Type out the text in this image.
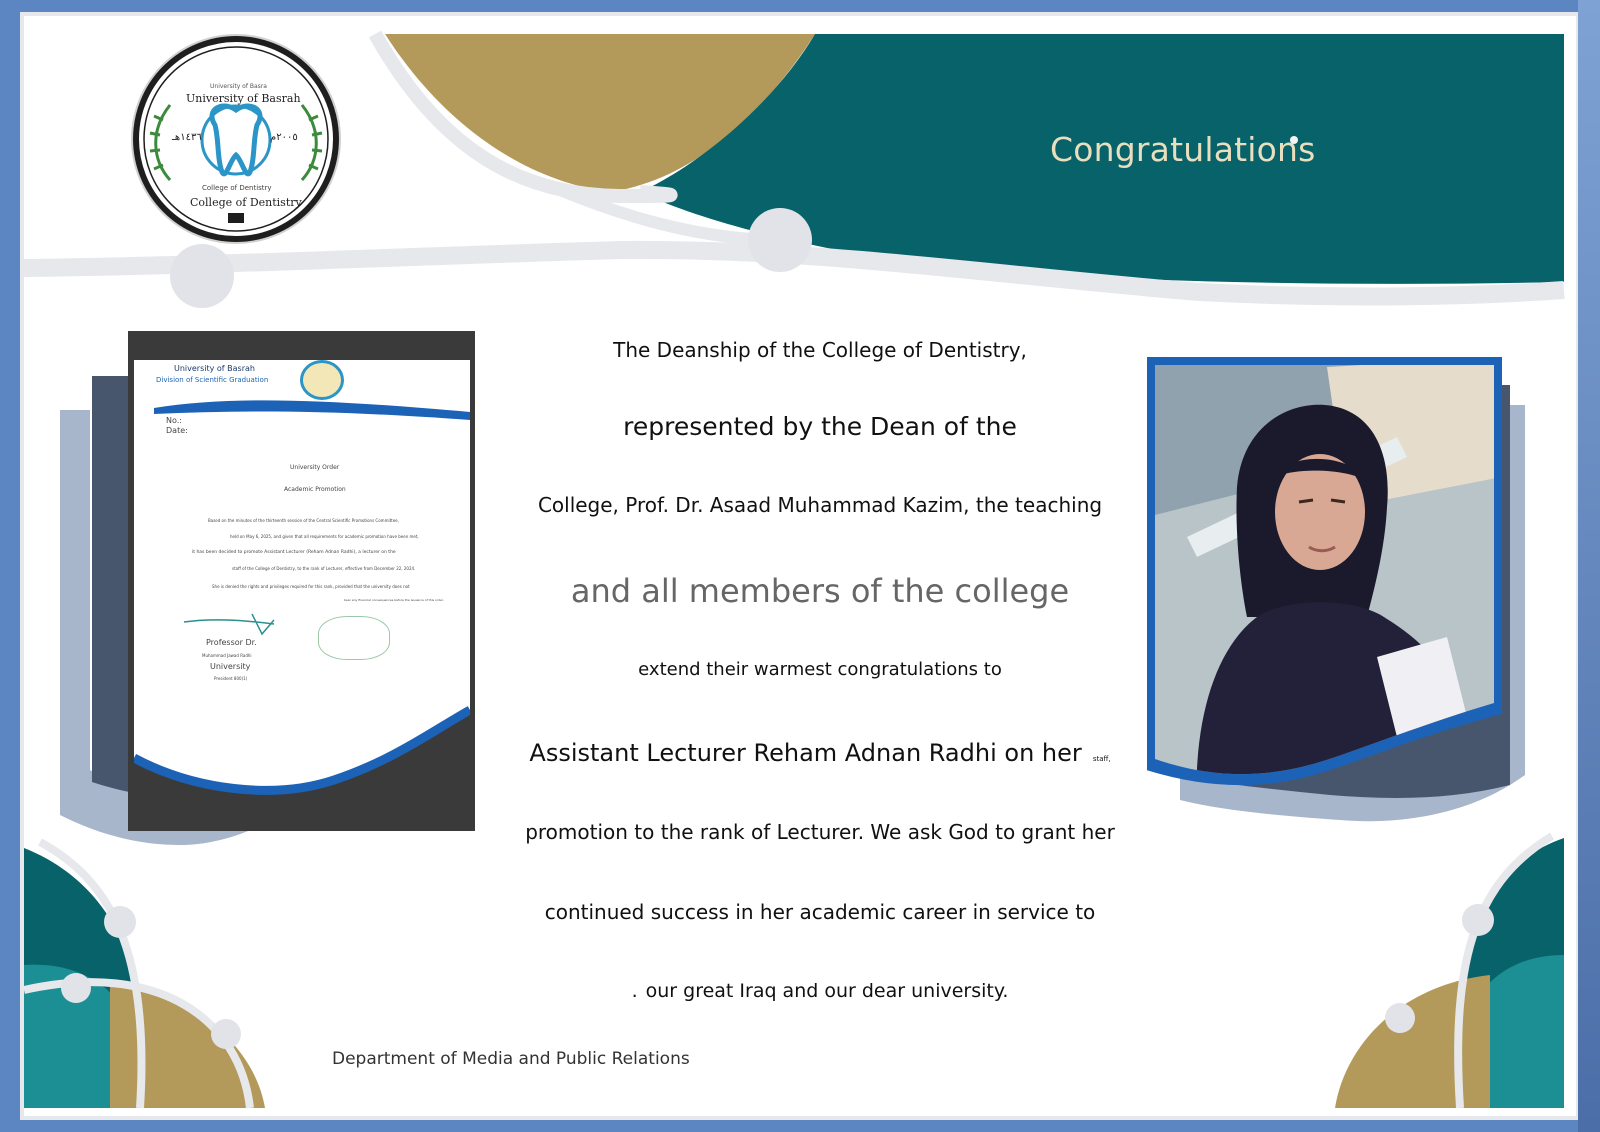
University of Basra
University of Basrah
١٤٣٦هـ	٢٠٠٥م
College of Dentistry
College of Dentistry
Congratulations
University of Basrah
Division of Scientific Graduation
No.:
Date:
University Order
Academic Promotion
Based on the minutes of the thirteenth session of the Central Scientific Promotions Committee,
held on May 6, 2025, and given that all requirements for academic promotion have been met,
it has been decided to promote Assistant Lecturer (Reham Adnan Radhi), a lecturer on the
staff of the College of Dentistry, to the rank of Lecturer, effective from December 22, 2024.
She is denied the rights and privileges required for this rank, provided that the university does not
bear any financial consequences before the issuance of this order.
Professor Dr.
Muhammad Jawad Radhi
University
President 800(1)
The Deanship of the College of Dentistry,
represented by the Dean of the
College, Prof. Dr. Asaad Muhammad Kazim, the teaching
and all members of the college
extend their warmest congratulations to
Assistant Lecturer Reham Adnan Radhi on her staff,
promotion to the rank of Lecturer. We ask God to grant her
continued success in her academic career in service to
. our great Iraq and our dear university.
Department of Media and Public Relations
